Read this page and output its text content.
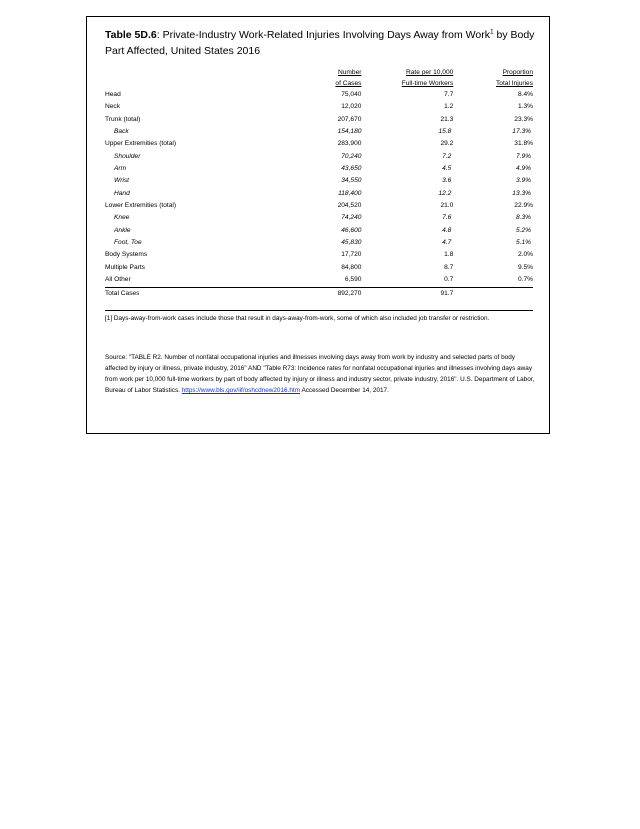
Table 5D.6: Private-Industry Work-Related Injuries Involving Days Away from Work$^1$ by Body Part Affected, United States 2016
	Number	Rate per 10,000	Proportion
	of Cases	Full-time Workers	Total Injuries
Head	75,040	7.7	8.4%
Neck	12,020	1.2	1.3%
Trunk (total)	207,670	21.3	23.3%
Back	154,180	15.8	17.3%
Upper Extremities (total)	283,900	29.2	31.8%
Shoulder	70,240	7.2	7.9%
Arm	43,650	4.5	4.9%
Wrist	34,550	3.6	3.9%
Hand	118,400	12.2	13.3%
Lower Extremities (total)	204,520	21.0	22.9%
Knee	74,240	7.6	8.3%
Ankle	46,600	4.8	5.2%
Foot, Toe	45,830	4.7	5.1%
Body Systems	17,720	1.8	2.0%
Multiple Parts	84,800	8.7	9.5%
All Other	6,590	0.7	0.7%
Total Cases	892,270	91.7	
[1] Days-away-from-work cases include those that result in days-away-from-work, some of which also included job transfer or restriction.
Source: "TABLE R2. Number of nonfatal occupational injuries and illnesses involving days away from work by industry and selected parts of body affected by injury or illness, private industry, 2016" AND "Table R73: Incidence rates for nonfatal occupational injuries and illnesses involving days away from work per 10,000 full-time workers by part of body affected by injury or illness and industry sector, private industry, 2016". U.S. Department of Labor, Bureau of Labor Statistics. https://www.bls.gov/iif/oshcdnew2016.htm Accessed December 14, 2017.
